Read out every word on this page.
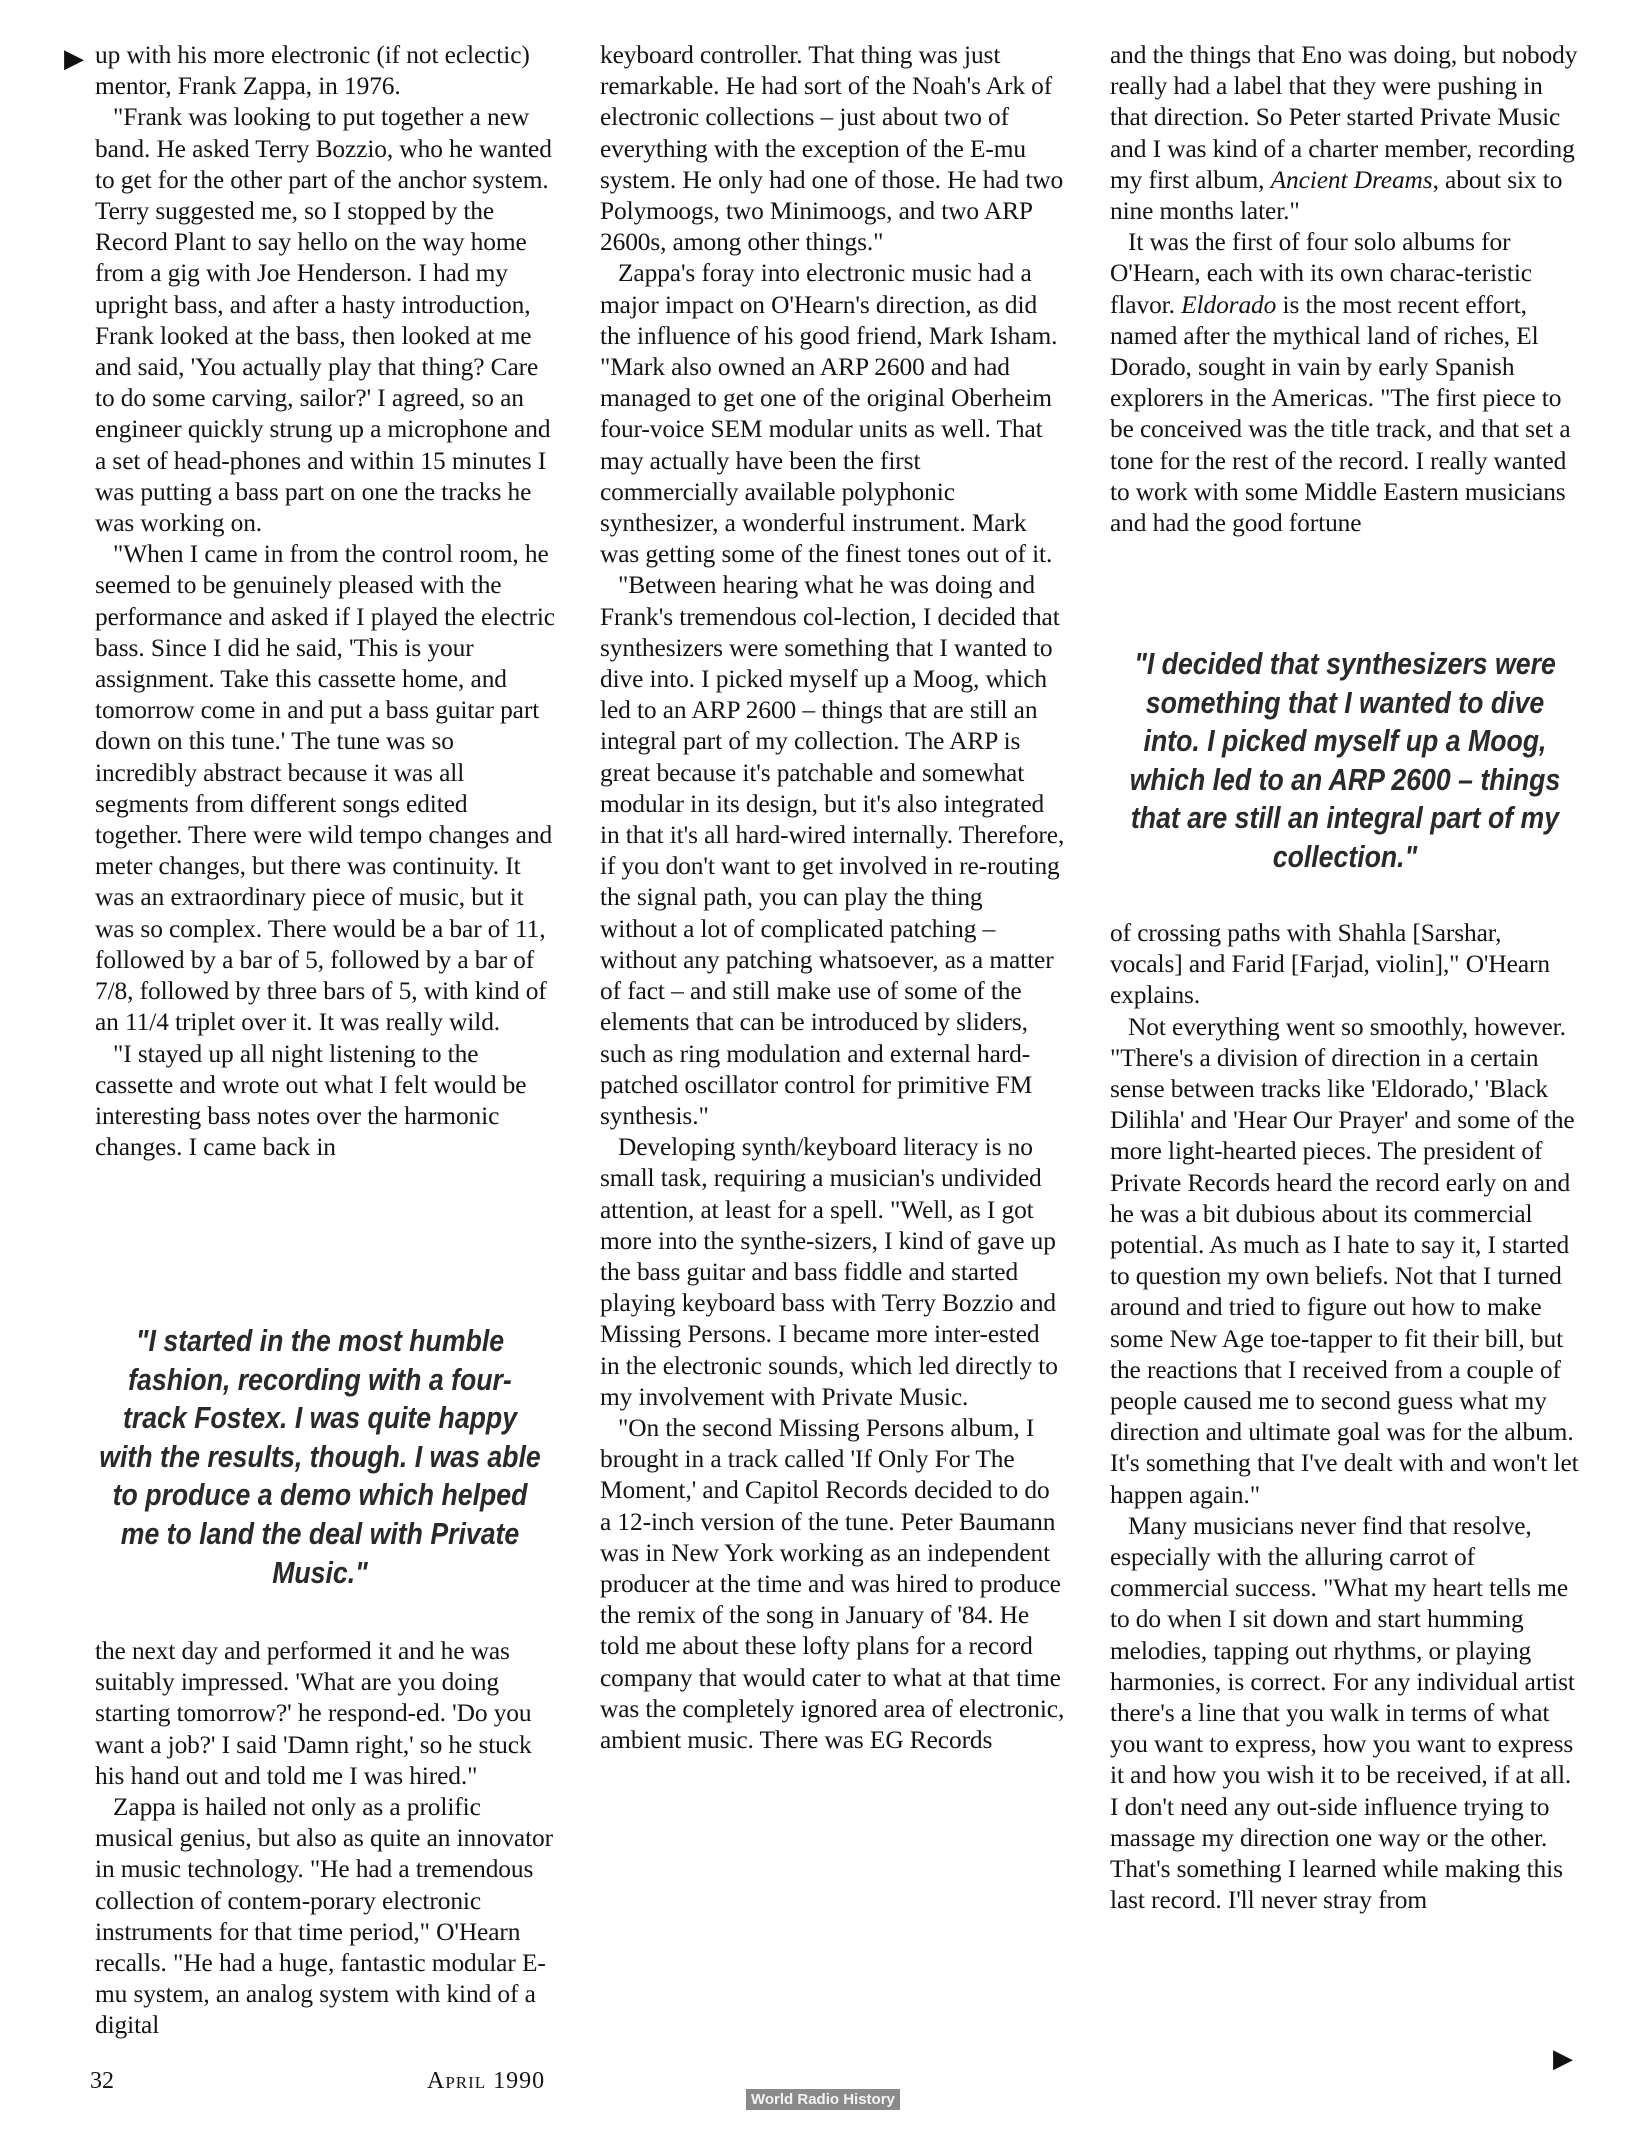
▶ up with his more electronic (if not eclectic) mentor, Frank Zappa, in 1976.

"Frank was looking to put together a new band. He asked Terry Bozzio, who he wanted to get for the other part of the anchor system. Terry suggested me, so I stopped by the Record Plant to say hello on the way home from a gig with Joe Henderson. I had my upright bass, and after a hasty introduction, Frank looked at the bass, then looked at me and said, 'You actually play that thing? Care to do some carving, sailor?' I agreed, so an engineer quickly strung up a microphone and a set of head-phones and within 15 minutes I was putting a bass part on one the tracks he was working on.

"When I came in from the control room, he seemed to be genuinely pleased with the performance and asked if I played the electric bass. Since I did he said, 'This is your assignment. Take this cassette home, and tomorrow come in and put a bass guitar part down on this tune.' The tune was so incredibly abstract because it was all segments from different songs edited together. There were wild tempo changes and meter changes, but there was continuity. It was an extraordinary piece of music, but it was so complex. There would be a bar of 11, followed by a bar of 5, followed by a bar of 7/8, followed by three bars of 5, with kind of an 11/4 triplet over it. It was really wild.

"I stayed up all night listening to the cassette and wrote out what I felt would be interesting bass notes over the harmonic changes. I came back in

"I started in the most humble fashion, recording with a four-track Fostex. I was quite happy with the results, though. I was able to produce a demo which helped me to land the deal with Private Music."

the next day and performed it and he was suitably impressed. 'What are you doing starting tomorrow?' he respond-ed. 'Do you want a job?' I said 'Damn right,' so he stuck his hand out and told me I was hired."

Zappa is hailed not only as a prolific musical genius, but also as quite an innovator in music technology. "He had a tremendous collection of contem-porary electronic instruments for that time period," O'Hearn recalls. "He had a huge, fantastic modular E-mu system, an analog system with kind of a digital

keyboard controller. That thing was just remarkable. He had sort of the Noah's Ark of electronic collections – just about two of everything with the exception of the E-mu system. He only had one of those. He had two Polymoogs, two Minimoogs, and two ARP 2600s, among other things."

Zappa's foray into electronic music had a major impact on O'Hearn's direction, as did the influence of his good friend, Mark Isham. "Mark also owned an ARP 2600 and had managed to get one of the original Oberheim four-voice SEM modular units as well. That may actually have been the first commercially available polyphonic synthesizer, a wonderful instrument. Mark was getting some of the finest tones out of it.

"Between hearing what he was doing and Frank's tremendous col-lection, I decided that synthesizers were something that I wanted to dive into. I picked myself up a Moog, which led to an ARP 2600 – things that are still an integral part of my collection. The ARP is great because it's patchable and somewhat modular in its design, but it's also integrated in that it's all hard-wired internally. Therefore, if you don't want to get involved in re-routing the signal path, you can play the thing without a lot of complicated patching – without any patching whatsoever, as a matter of fact – and still make use of some of the elements that can be introduced by sliders, such as ring modulation and external hard-patched oscillator control for primitive FM synthesis."

Developing synth/keyboard literacy is no small task, requiring a musician's undivided attention, at least for a spell. "Well, as I got more into the synthe-sizers, I kind of gave up the bass guitar and bass fiddle and started playing keyboard bass with Terry Bozzio and Missing Persons. I became more inter-ested in the electronic sounds, which led directly to my involvement with Private Music.

"On the second Missing Persons album, I brought in a track called 'If Only For The Moment,' and Capitol Records decided to do a 12-inch version of the tune. Peter Baumann was in New York working as an independent producer at the time and was hired to produce the remix of the song in January of '84. He told me about these lofty plans for a record company that would cater to what at that time was the completely ignored area of electronic, ambient music. There was EG Records

and the things that Eno was doing, but nobody really had a label that they were pushing in that direction. So Peter started Private Music and I was kind of a charter member, recording my first album, Ancient Dreams, about six to nine months later."

It was the first of four solo albums for O'Hearn, each with its own charac-teristic flavor. Eldorado is the most recent effort, named after the mythical land of riches, El Dorado, sought in vain by early Spanish explorers in the Americas. "The first piece to be conceived was the title track, and that set a tone for the rest of the record. I really wanted to work with some Middle Eastern musicians and had the good fortune

"I decided that synthesizers were something that I wanted to dive into. I picked myself up a Moog, which led to an ARP 2600 – things that are still an integral part of my collection."

of crossing paths with Shahla [Sarshar, vocals] and Farid [Farjad, violin]," O'Hearn explains.

Not everything went so smoothly, however. "There's a division of direction in a certain sense between tracks like 'Eldorado,' 'Black Dilihla' and 'Hear Our Prayer' and some of the more light-hearted pieces. The president of Private Records heard the record early on and he was a bit dubious about its commercial potential. As much as I hate to say it, I started to question my own beliefs. Not that I turned around and tried to figure out how to make some New Age toe-tapper to fit their bill, but the reactions that I received from a couple of people caused me to second guess what my direction and ultimate goal was for the album. It's something that I've dealt with and won't let happen again."

Many musicians never find that resolve, especially with the alluring carrot of commercial success. "What my heart tells me to do when I sit down and start humming melodies, tapping out rhythms, or playing harmonies, is correct. For any individual artist there's a line that you walk in terms of what you want to express, how you want to express it and how you wish it to be received, if at all. I don't need any out-side influence trying to massage my direction one way or the other. That's something I learned while making this last record. I'll never stray from

▶
32	April 1990
World Radio History
